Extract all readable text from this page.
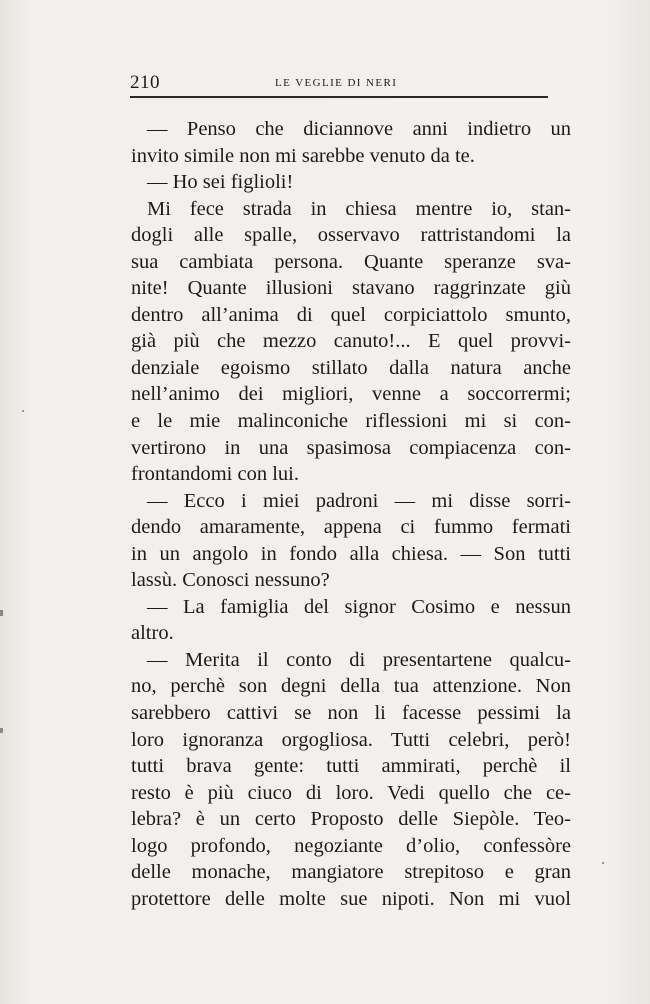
210	LE VEGLIE DI NERI
— Penso che diciannove anni indietro un
invito simile non mi sarebbe venuto da te.
— Ho sei figlioli!
Mi fece strada in chiesa mentre io, stan-
dogli alle spalle, osservavo rattristandomi la
sua cambiata persona. Quante speranze sva-
nite! Quante illusioni stavano raggrinzate giù
dentro all’anima di quel corpiciattolo smunto,
già più che mezzo canuto!... E quel provvi-
denziale egoismo stillato dalla natura anche
nell’animo dei migliori, venne a soccorrermi;
e le mie malinconiche riflessioni mi si con-
vertirono in una spasimosa compiacenza con-
frontandomi con lui.
— Ecco i miei padroni — mi disse sorri-
dendo amaramente, appena ci fummo fermati
in un angolo in fondo alla chiesa. — Son tutti
lassù. Conosci nessuno?
— La famiglia del signor Cosimo e nessun
altro.
— Merita il conto di presentartene qualcu-
no, perchè son degni della tua attenzione. Non
sarebbero cattivi se non li facesse pessimi la
loro ignoranza orgogliosa. Tutti celebri, però!
tutti brava gente: tutti ammirati, perchè il
resto è più ciuco di loro. Vedi quello che ce-
lebra? è un certo Proposto delle Siepòle. Teo-
logo profondo, negoziante d’olio, confessòre
delle monache, mangiatore strepitoso e gran
protettore delle molte sue nipoti. Non mi vuol
